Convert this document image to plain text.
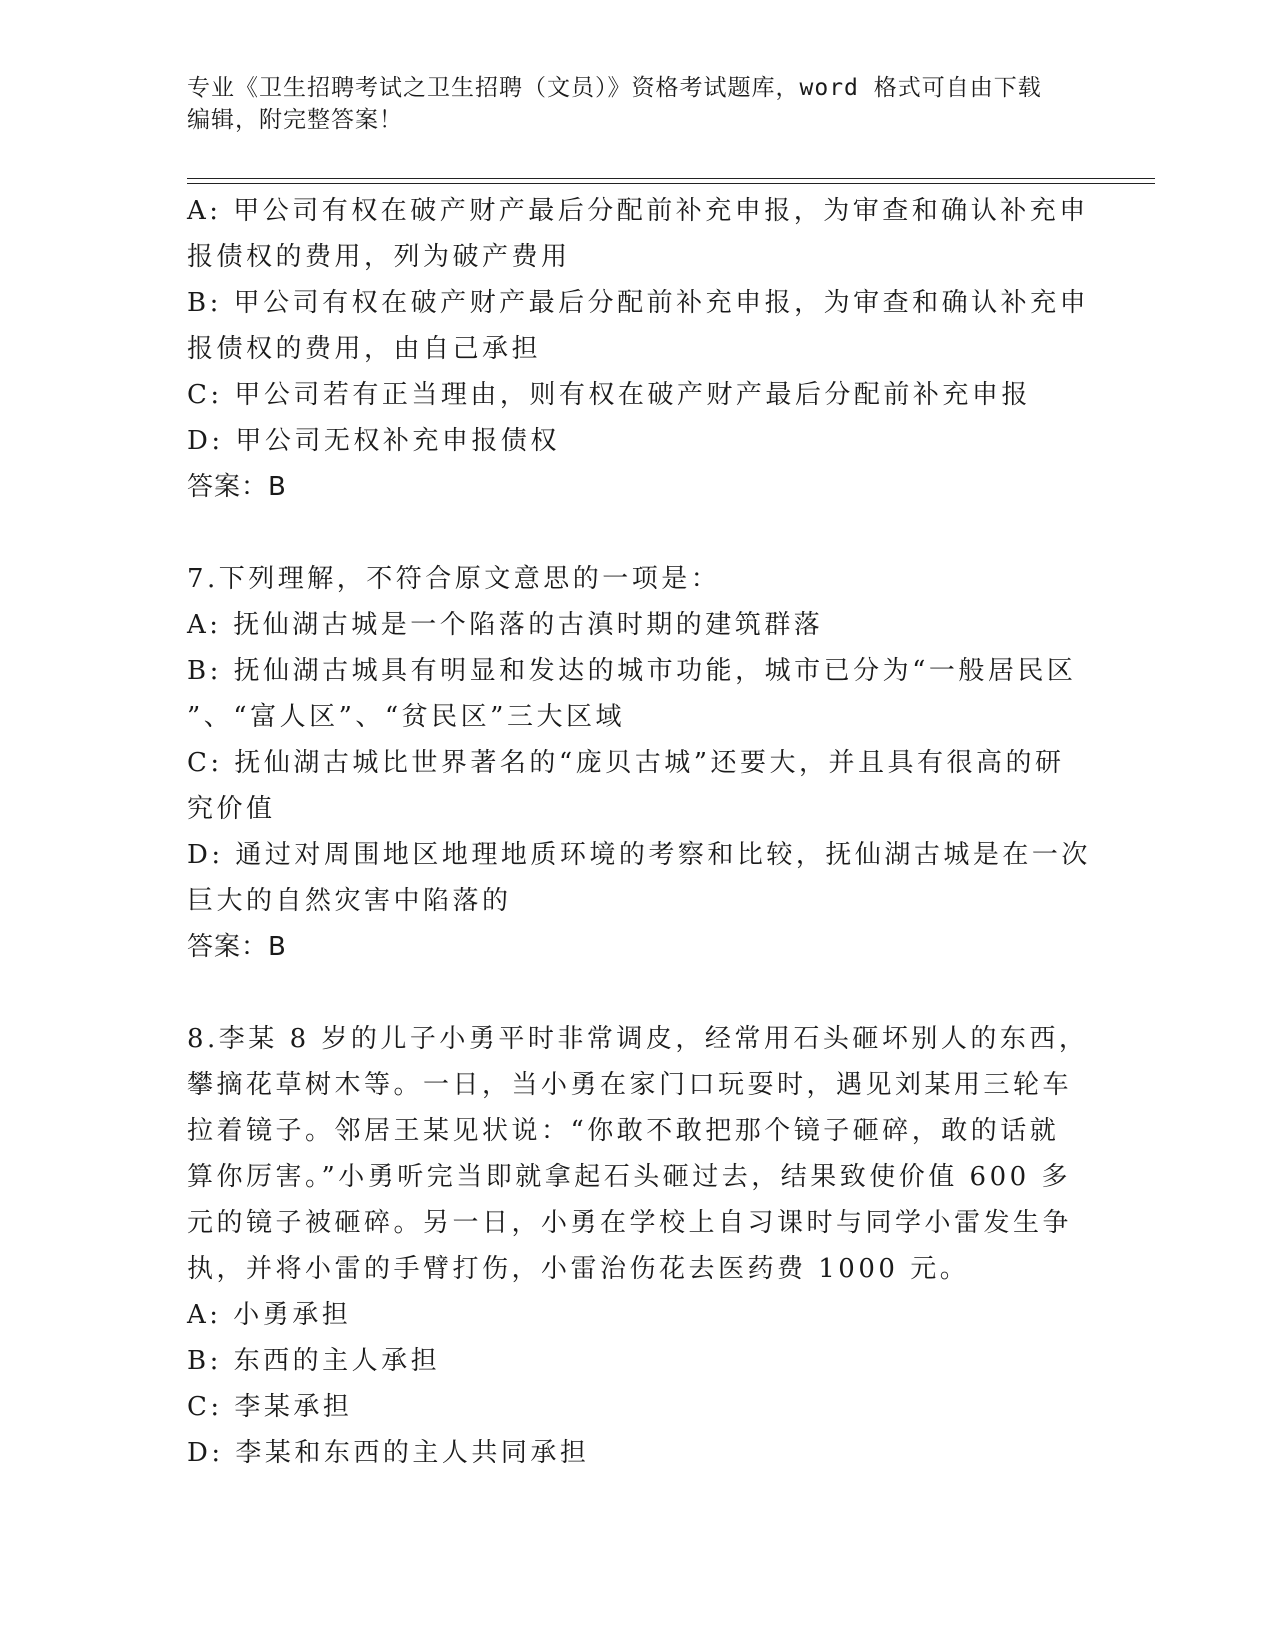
专业《卫生招聘考试之卫生招聘（文员）》资格考试题库，word 格式可自由下载
编辑，附完整答案！
A: 甲公司有权在破产财产最后分配前补充申报，为审查和确认补充申
报债权的费用，列为破产费用
B: 甲公司有权在破产财产最后分配前补充申报，为审查和确认补充申
报债权的费用，由自己承担
C: 甲公司若有正当理由，则有权在破产财产最后分配前补充申报
D: 甲公司无权补充申报债权
答案：B
7.下列理解，不符合原文意思的一项是：
A: 抚仙湖古城是一个陷落的古滇时期的建筑群落
B: 抚仙湖古城具有明显和发达的城市功能，城市已分为“一般居民区
”、“富人区”、“贫民区”三大区域
C: 抚仙湖古城比世界著名的“庞贝古城”还要大，并且具有很高的研
究价值
D: 通过对周围地区地理地质环境的考察和比较，抚仙湖古城是在一次
巨大的自然灾害中陷落的
答案：B
8.李某 8 岁的儿子小勇平时非常调皮，经常用石头砸坏别人的东西，
攀摘花草树木等。一日，当小勇在家门口玩耍时，遇见刘某用三轮车
拉着镜子。邻居王某见状说：“你敢不敢把那个镜子砸碎，敢的话就
算你厉害。”小勇听完当即就拿起石头砸过去，结果致使价值 600 多
元的镜子被砸碎。另一日，小勇在学校上自习课时与同学小雷发生争
执，并将小雷的手臂打伤，小雷治伤花去医药费 1000 元。
A: 小勇承担
B: 东西的主人承担
C: 李某承担
D: 李某和东西的主人共同承担
